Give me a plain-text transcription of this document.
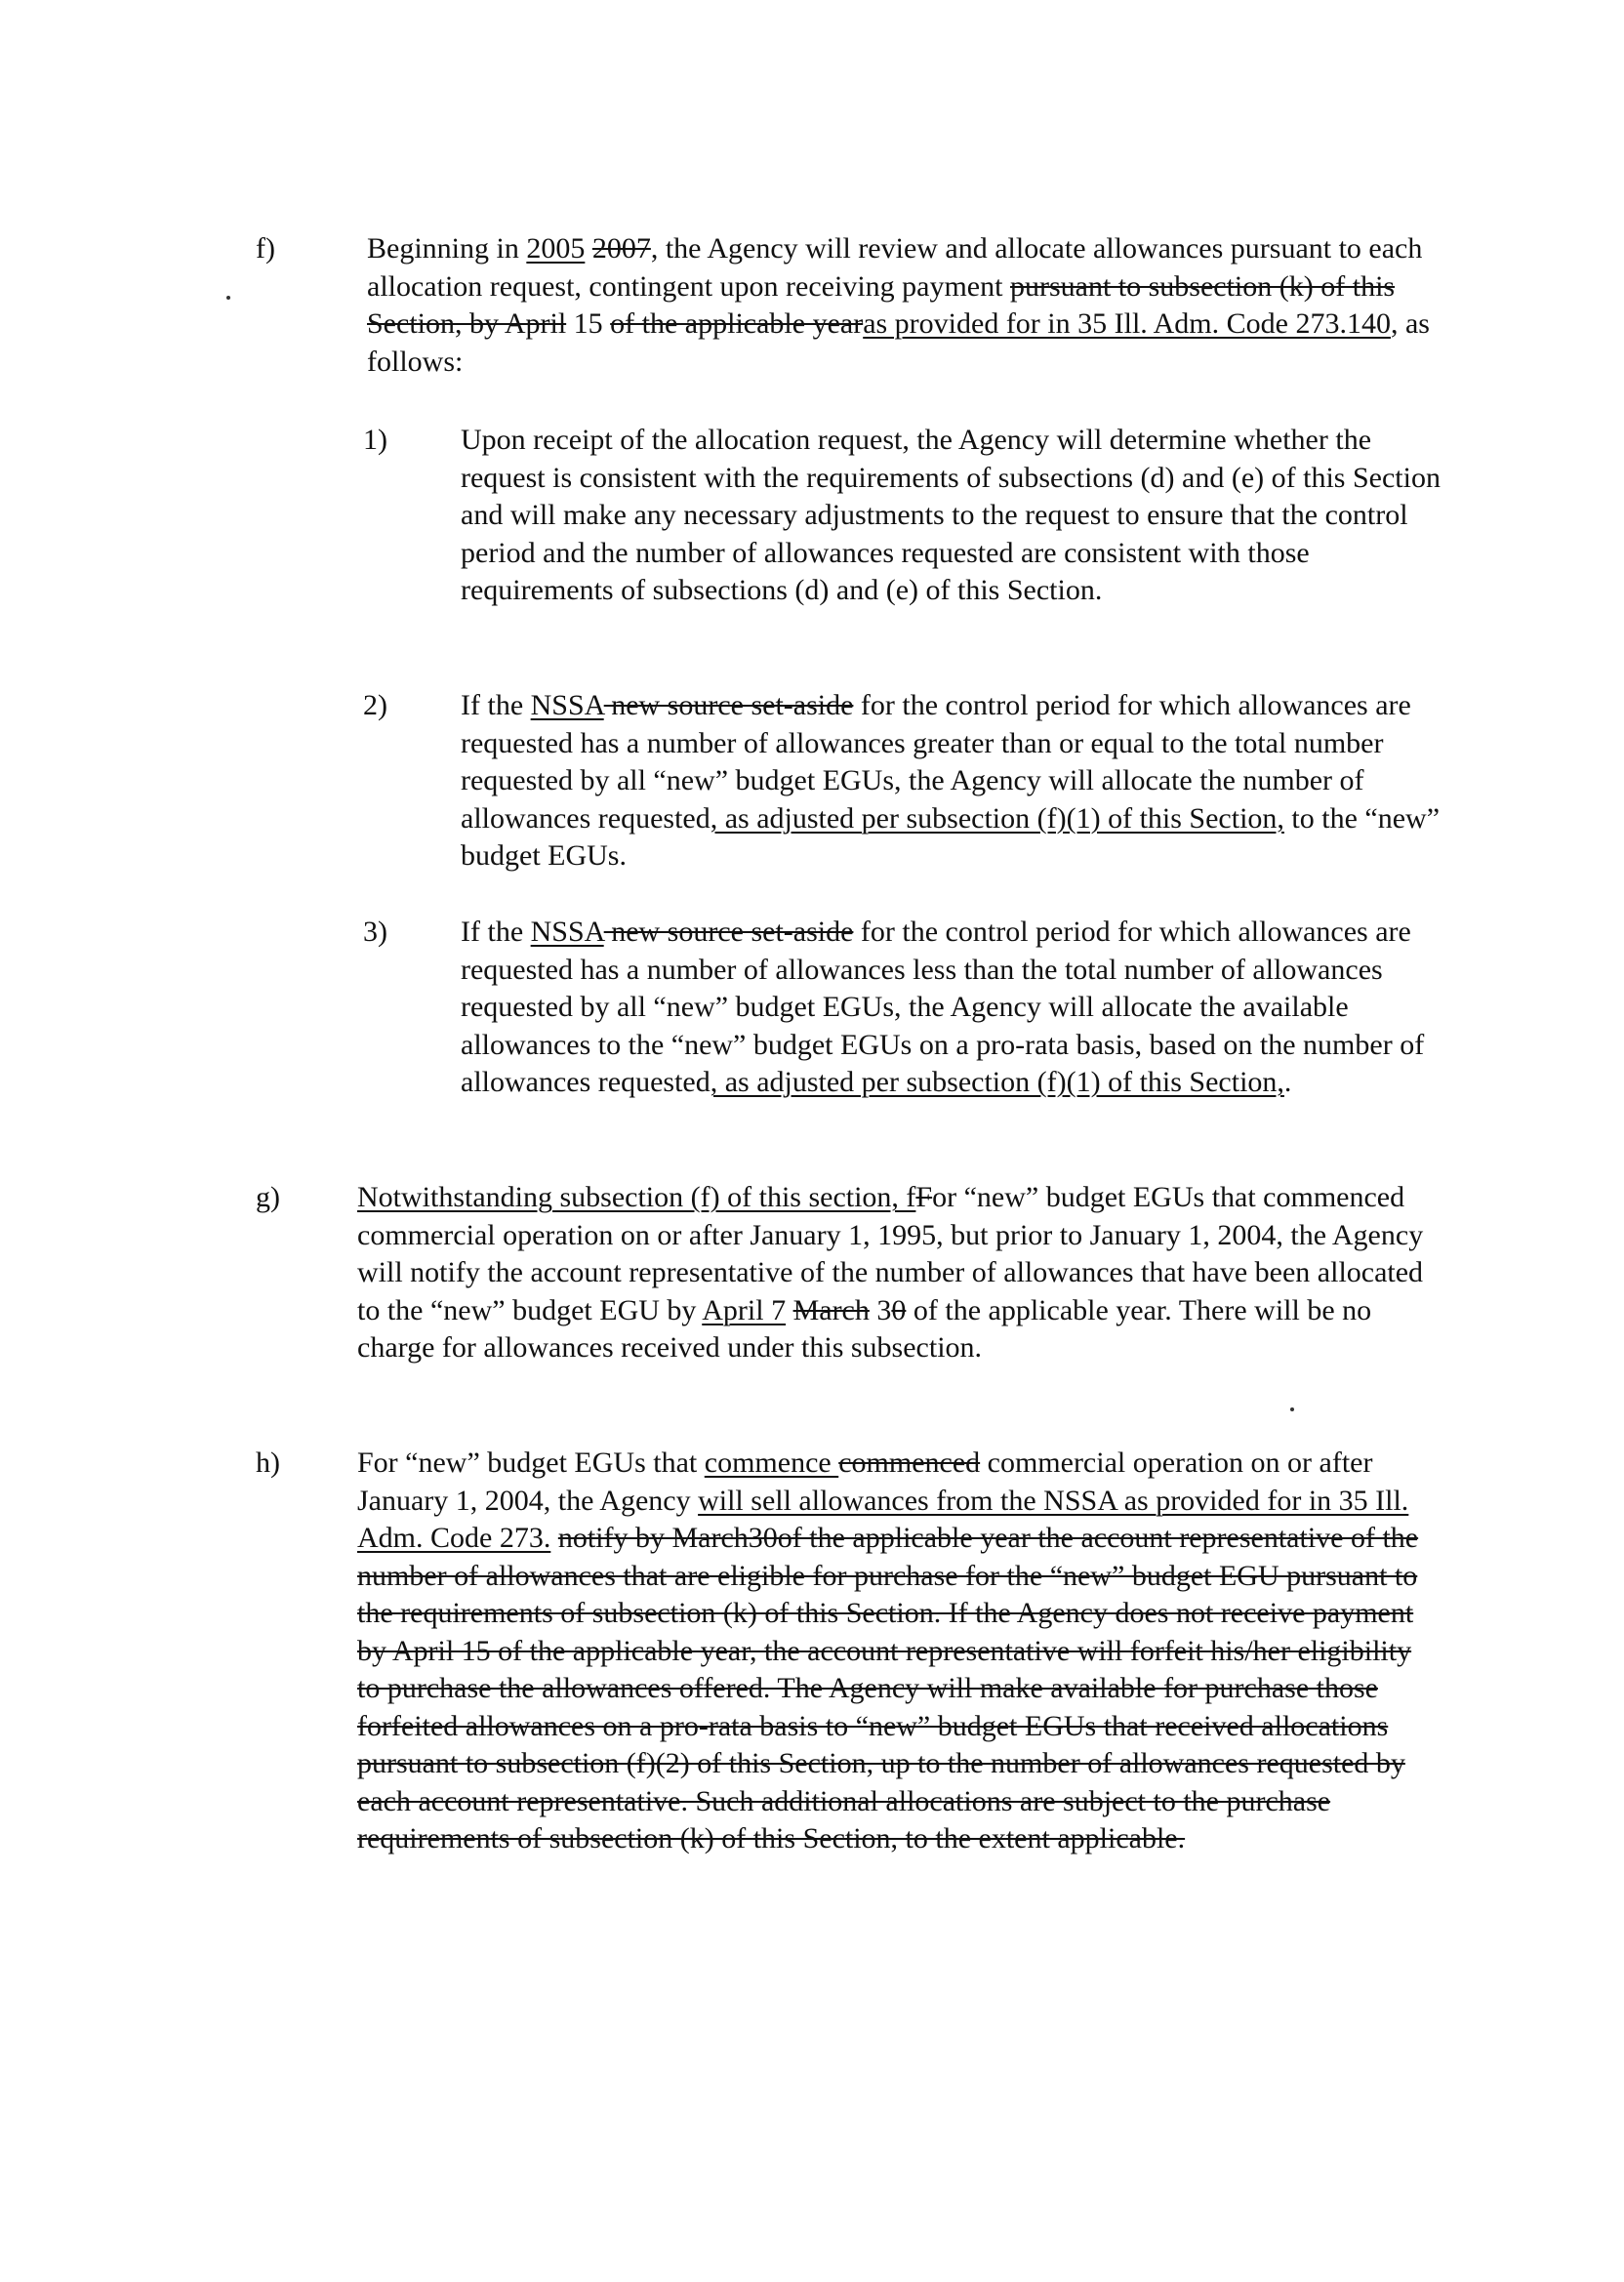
f)	Beginning in 2005 2007, the Agency will review and allocate allowances pursuant to each allocation request, contingent upon receiving payment pursuant to subsection (k) of this Section, by April 15 of the applicable yearas provided for in 35 Ill. Adm. Code 273.140, as follows:

1)	Upon receipt of the allocation request, the Agency will determine whether the request is consistent with the requirements of subsections (d) and (e) of this Section and will make any necessary adjustments to the request to ensure that the control period and the number of allowances requested are consistent with those requirements of subsections (d) and (e) of this Section.

2)	If the NSSA new source set-aside for the control period for which allowances are requested has a number of allowances greater than or equal to the total number requested by all “new” budget EGUs, the Agency will allocate the number of allowances requested, as adjusted per subsection (f)(1) of this Section, to the “new” budget EGUs.

3)	If the NSSA new source set-aside for the control period for which allowances are requested has a number of allowances less than the total number of allowances requested by all “new” budget EGUs, the Agency will allocate the available allowances to the “new” budget EGUs on a pro-rata basis, based on the number of allowances requested, as adjusted per subsection (f)(1) of this Section,.

g)	Notwithstanding subsection (f) of this section, fFor “new” budget EGUs that commenced commercial operation on or after January 1, 1995, but prior to January 1, 2004, the Agency will notify the account representative of the number of allowances that have been allocated to the “new” budget EGU by April 7 March 30 of the applicable year. There will be no charge for allowances received under this subsection.

h)	For “new” budget EGUs that commence commenced commercial operation on or after January 1, 2004, the Agency will sell allowances from the NSSA as provided for in 35 Ill. Adm. Code 273. notify by March30of the applicable year the account representative of the number of allowances that are eligible for purchase for the “new” budget EGU pursuant to the requirements of subsection (k) of this Section. If the Agency does not receive payment by April 15 of the applicable year, the account representative will forfeit his/her eligibility to purchase the allowances offered. The Agency will make available for purchase those forfeited allowances on a pro-rata basis to “new” budget EGUs that received allocations pursuant to subsection (f)(2) of this Section, up to the number of allowances requested by each account representative. Such additional allocations are subject to the purchase requirements of subsection (k) of this Section, to the extent applicable.
